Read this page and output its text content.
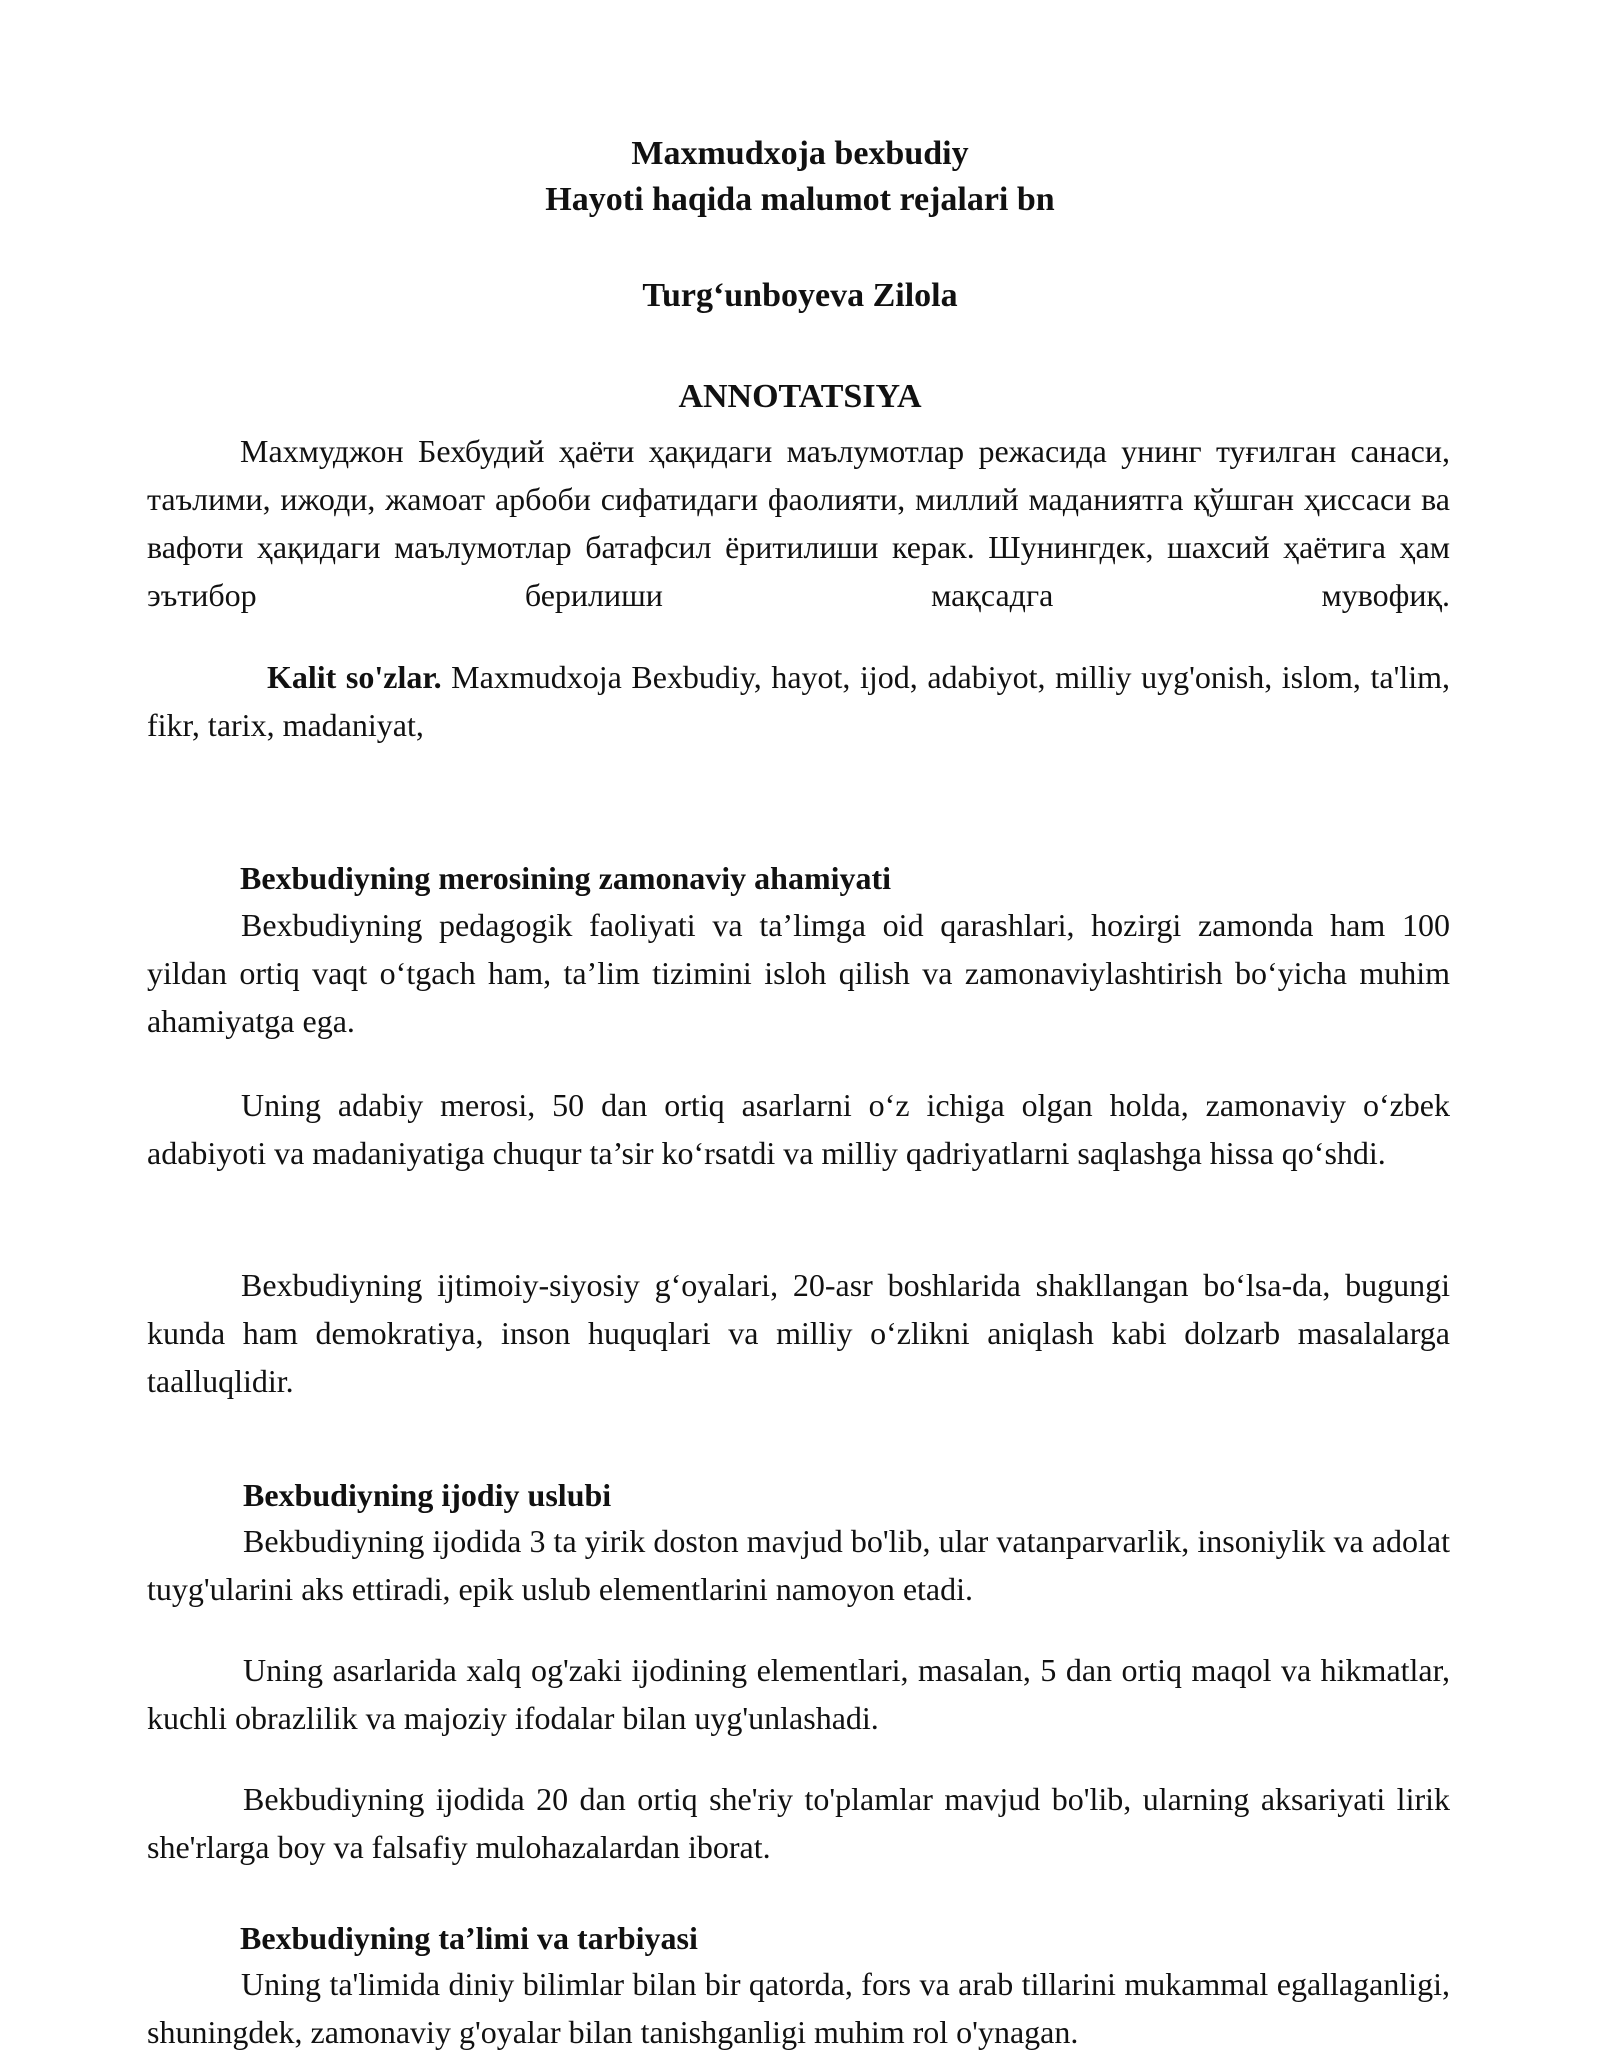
Maxmudxoja bexbudiy

Hayoti haqida malumot rejalari bn

Turg‘unboyeva Zilola

ANNOTATSIYA

Махмуджон Бехбудий ҳаёти ҳақидаги маълумотлар режасида унинг туғилган санаси, таълими, ижоди, жамоат арбоби сифатидаги фаолияти, миллий маданиятга қўшган ҳиссаси ва вафоти ҳақидаги маълумотлар батафсил ёритилиши керак. Шунингдек, шахсий ҳаётига ҳам эътибор берилиши мақсадга мувофиқ.

Kalit so'zlar. Maxmudxoja Bexbudiy, hayot, ijod, adabiyot, milliy uyg'onish, islom, ta'lim, fikr, tarix, madaniyat,

Bexbudiyning merosining zamonaviy ahamiyati

Bexbudiyning pedagogik faoliyati va ta’limga oid qarashlari, hozirgi zamonda ham 100 yildan ortiq vaqt o‘tgach ham, ta’lim tizimini isloh qilish va zamonaviylashtirish bo‘yicha muhim ahamiyatga ega.

Uning adabiy merosi, 50 dan ortiq asarlarni o‘z ichiga olgan holda, zamonaviy o‘zbek adabiyoti va madaniyatiga chuqur ta’sir ko‘rsatdi va milliy qadriyatlarni saqlashga hissa qo‘shdi.

Bexbudiyning ijtimoiy-siyosiy g‘oyalari, 20-asr boshlarida shakllangan bo‘lsa-da, bugungi kunda ham demokratiya, inson huquqlari va milliy o‘zlikni aniqlash kabi dolzarb masalalarga taalluqlidir.

Bexbudiyning ijodiy uslubi

Bekbudiyning ijodida 3 ta yirik doston mavjud bo'lib, ular vatanparvarlik, insoniylik va adolat tuyg'ularini aks ettiradi, epik uslub elementlarini namoyon etadi.

Uning asarlarida xalq og'zaki ijodining elementlari, masalan, 5 dan ortiq maqol va hikmatlar, kuchli obrazlilik va majoziy ifodalar bilan uyg'unlashadi.

Bekbudiyning ijodida 20 dan ortiq she'riy to'plamlar mavjud bo'lib, ularning aksariyati lirik she'rlarga boy va falsafiy mulohazalardan iborat.

Bexbudiyning ta’limi va tarbiyasi

Uning ta'limida diniy bilimlar bilan bir qatorda, fors va arab tillarini mukammal egallaganligi, shuningdek, zamonaviy g'oyalar bilan tanishganligi muhim rol o'ynagan.
